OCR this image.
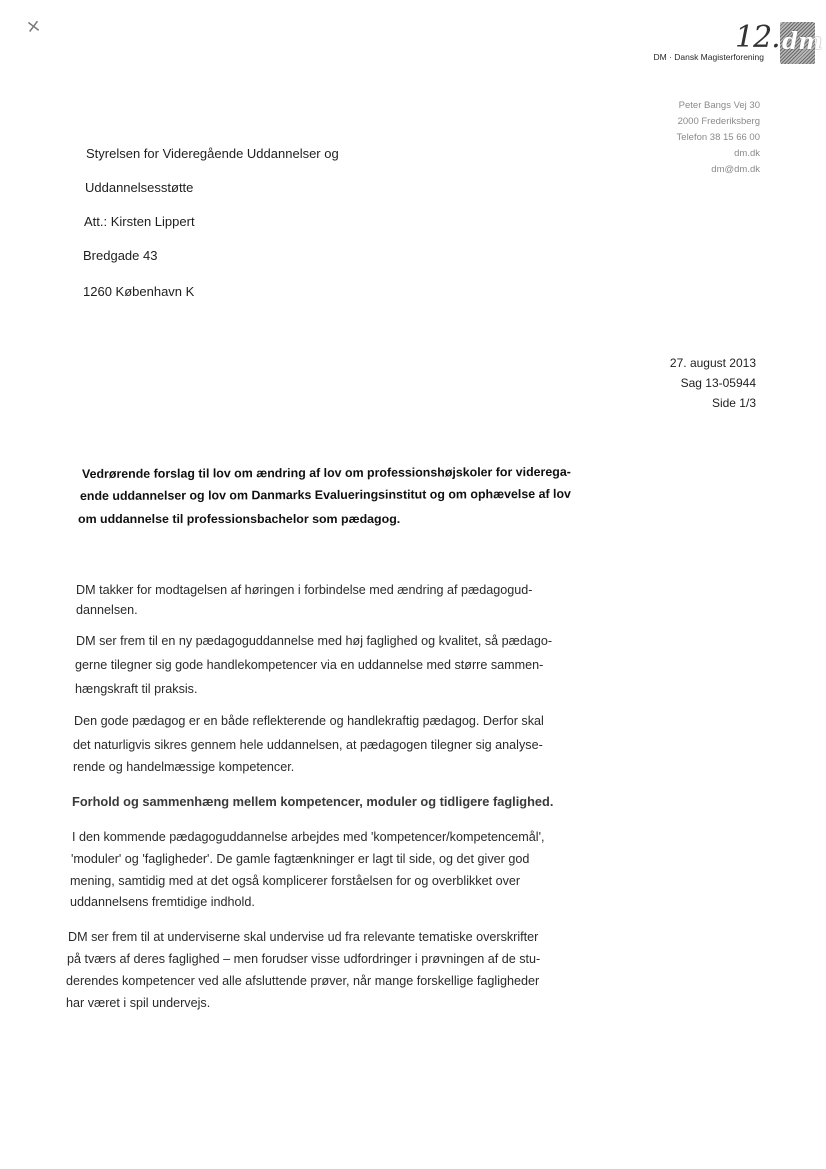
×	12.
DM · Dansk Magisterforening
dm
Peter Bangs Vej 30
2000 Frederiksberg
Telefon 38 15 66 00
dm.dk
dm@dm.dk
Styrelsen for Videregående Uddannelser og
Uddannelsesstøtte
Att.: Kirsten Lippert
Bredgade 43
1260 København K
27. august 2013
Sag 13-05944
Side 1/3
Vedrørende forslag til lov om ændring af lov om professionshøjskoler for viderega-
ende uddannelser og lov om Danmarks Evalueringsinstitut og om ophævelse af lov
om uddannelse til professionsbachelor som pædagog.
DM takker for modtagelsen af høringen i forbindelse med ændring af pædagogud-
dannelsen.
DM ser frem til en ny pædagoguddannelse med høj faglighed og kvalitet, så pædago-
gerne tilegner sig gode handlekompetencer via en uddannelse med større sammen-
hængskraft til praksis.
Den gode pædagog er en både reflekterende og handlekraftig pædagog. Derfor skal
det naturligvis sikres gennem hele uddannelsen, at pædagogen tilegner sig analyse-
rende og handelmæssige kompetencer.
Forhold og sammenhæng mellem kompetencer, moduler og tidligere faglighed.
I den kommende pædagoguddannelse arbejdes med 'kompetencer/kompetencemål',
'moduler' og 'fagligheder'. De gamle fagtænkninger er lagt til side, og det giver god
mening, samtidig med at det også komplicerer forståelsen for og overblikket over
uddannelsens fremtidige indhold.
DM ser frem til at underviserne skal undervise ud fra relevante tematiske overskrifter
på tværs af deres faglighed – men forudser visse udfordringer i prøvningen af de stu-
derendes kompetencer ved alle afsluttende prøver, når mange forskellige fagligheder
har været i spil undervejs.
